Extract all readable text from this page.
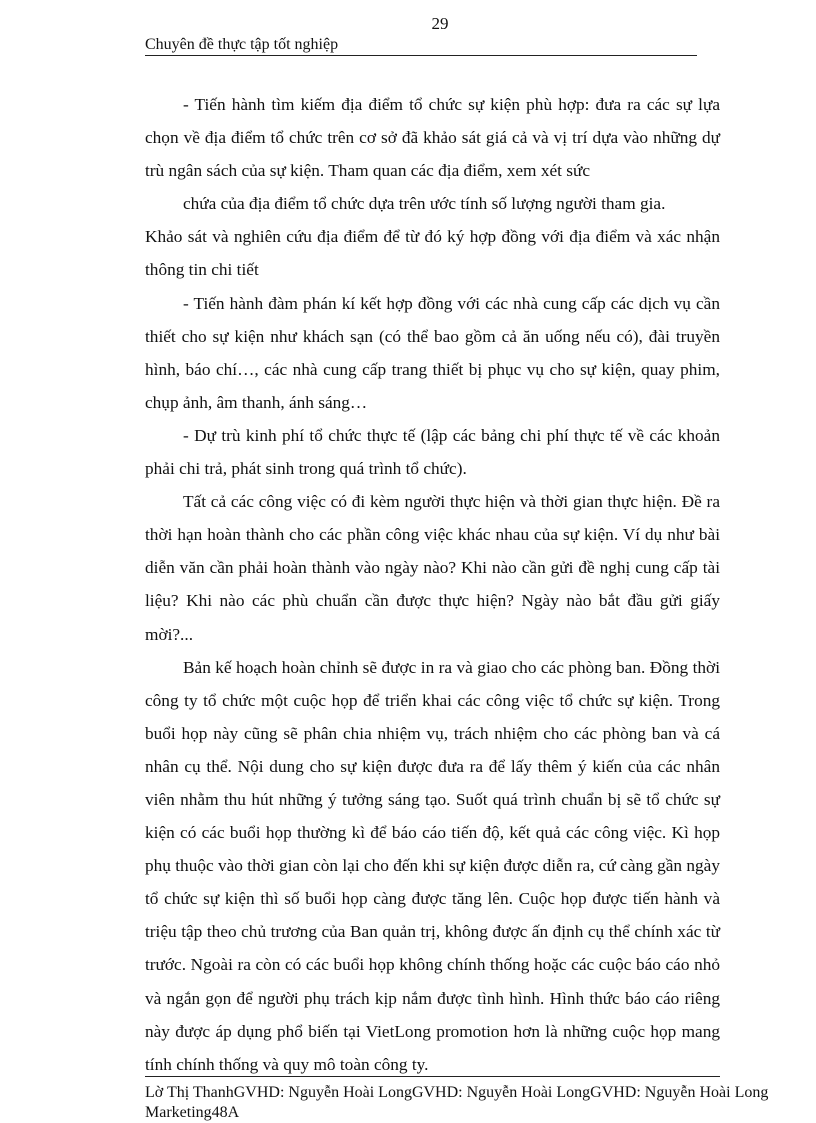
29
Chuyên đề thực tập tốt nghiệp

- Tiến hành tìm kiếm địa điểm tổ chức sự kiện phù hợp: đưa ra các sự lựa chọn về địa điểm tổ chức trên cơ sở đã khảo sát giá cả và vị trí dựa vào những dự trù ngân sách của sự kiện. Tham quan các địa điểm, xem xét sức

chứa của địa điểm tổ chức dựa trên ước tính số lượng người tham gia.

Khảo sát và nghiên cứu địa điểm để từ đó ký hợp đồng với địa điểm và xác nhận thông tin chi tiết

- Tiến hành đàm phán kí kết hợp đồng với các nhà cung cấp các dịch vụ cần thiết cho sự kiện như khách sạn (có thể bao gồm cả ăn uống nếu có), đài truyền hình, báo chí…, các nhà cung cấp trang thiết bị phục vụ cho sự kiện, quay phim, chụp ảnh, âm thanh, ánh sáng…

- Dự trù kinh phí tổ chức thực tế (lập các bảng chi phí thực tế về các khoản phải chi trả, phát sinh trong quá trình tổ chức).

Tất cả các công việc có đi kèm người thực hiện và thời gian thực hiện. Đề ra thời hạn hoàn thành cho các phần công việc khác nhau của sự kiện. Ví dụ như bài diễn văn cần phải hoàn thành vào ngày nào? Khi nào cần gửi đề nghị cung cấp tài liệu? Khi nào các phù chuẩn cần được thực hiện? Ngày nào bắt đầu gửi giấy mời?...

Bản kế hoạch hoàn chỉnh sẽ được in ra và giao cho các phòng ban. Đồng thời công ty tổ chức một cuộc họp để triển khai các công việc tổ chức sự kiện. Trong buổi họp này cũng sẽ phân chia nhiệm vụ, trách nhiệm cho các phòng ban và cá nhân cụ thể. Nội dung cho sự kiện được đưa ra để lấy thêm ý kiến của các nhân viên nhằm thu hút những ý tưởng sáng tạo. Suốt quá trình chuẩn bị sẽ tổ chức sự kiện có các buổi họp thường kì để báo cáo tiến độ, kết quả các công việc. Kì họp phụ thuộc vào thời gian còn lại cho đến khi sự kiện được diễn ra, cứ càng gần ngày tổ chức sự kiện thì số buổi họp càng được tăng lên. Cuộc họp được tiến hành và triệu tập theo chủ trương của Ban quản trị, không được ấn định cụ thể chính xác từ trước. Ngoài ra còn có các buổi họp không chính thống hoặc các cuộc báo cáo nhỏ và ngắn gọn để người phụ trách kịp nắm được tình hình. Hình thức báo cáo riêng này được áp dụng phổ biến tại VietLong promotion hơn là những cuộc họp mang tính chính thống và quy mô toàn công ty.

Lờ Thị ThanhGVHD: Nguyễn Hoài LongGVHD: Nguyễn Hoài LongGVHD: Nguyễn Hoài Long
Marketing48A
